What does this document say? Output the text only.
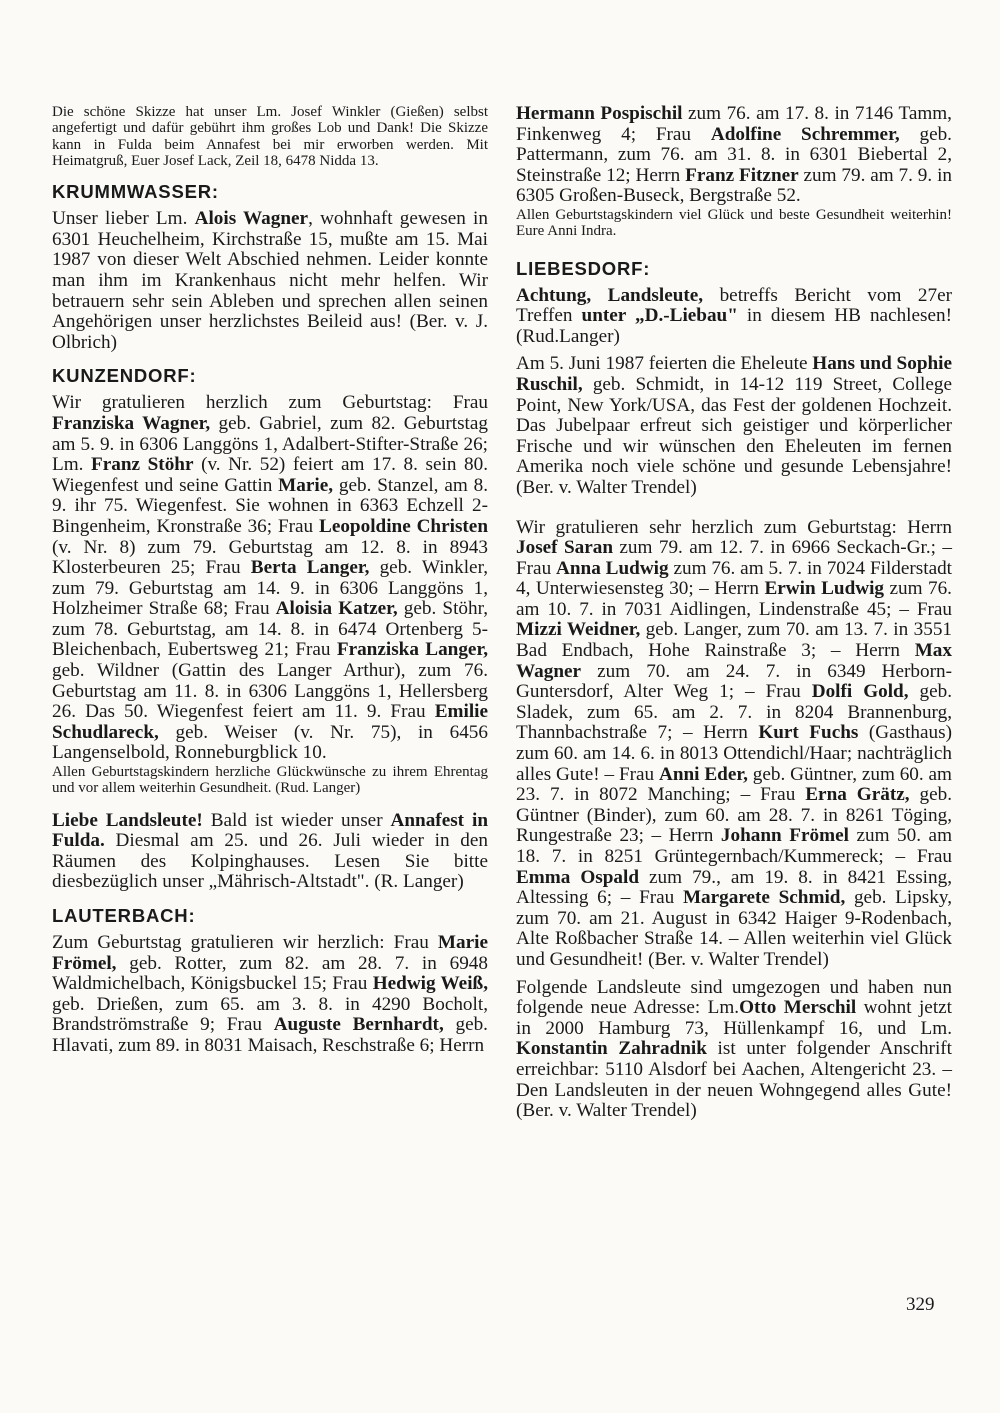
Die schöne Skizze hat unser Lm. Josef Winkler (Gießen) selbst angefertigt und dafür gebührt ihm großes Lob und Dank! Die Skizze kann in Fulda beim Annafest bei mir erworben werden. Mit Heimatgruß, Euer Josef Lack, Zeil 18, 6478 Nidda 13.

KRUMMWASSER:

Unser lieber Lm. Alois Wagner, wohnhaft gewesen in 6301 Heuchelheim, Kirchstraße 15, mußte am 15. Mai 1987 von dieser Welt Abschied nehmen. Leider konnte man ihm im Krankenhaus nicht mehr helfen. Wir betrauern sehr sein Ableben und sprechen allen seinen Angehörigen unser herzlichstes Beileid aus! (Ber. v. J. Olbrich)

KUNZENDORF:

Wir gratulieren herzlich zum Geburtstag: Frau Franziska Wagner, geb. Gabriel, zum 82. Geburtstag am 5. 9. in 6306 Langgöns 1, Adalbert-Stifter-Straße 26; Lm. Franz Stöhr (v. Nr. 52) feiert am 17. 8. sein 80. Wiegenfest und seine Gattin Marie, geb. Stanzel, am 8. 9. ihr 75. Wiegenfest. Sie wohnen in 6363 Echzell 2-Bingenheim, Kronstraße 36; Frau Leopoldine Christen (v. Nr. 8) zum 79. Geburtstag am 12. 8. in 8943 Klosterbeuren 25; Frau Berta Langer, geb. Winkler, zum 79. Geburtstag am 14. 9. in 6306 Langgöns 1, Holzheimer Straße 68; Frau Aloisia Katzer, geb. Stöhr, zum 78. Geburtstag, am 14. 8. in 6474 Ortenberg 5-Bleichenbach, Eubertsweg 21; Frau Franziska Langer, geb. Wildner (Gattin des Langer Arthur), zum 76. Geburtstag am 11. 8. in 6306 Langgöns 1, Hellersberg 26. Das 50. Wiegenfest feiert am 11. 9. Frau Emilie Schudlareck, geb. Weiser (v. Nr. 75), in 6456 Langenselbold, Ronneburgblick 10.

Allen Geburtstagskindern herzliche Glückwünsche zu ihrem Ehrentag und vor allem weiterhin Gesundheit. (Rud. Langer)

Liebe Landsleute! Bald ist wieder unser Annafest in Fulda. Diesmal am 25. und 26. Juli wieder in den Räumen des Kolpinghauses. Lesen Sie bitte diesbezüglich unser „Mährisch-Altstadt". (R. Langer)

LAUTERBACH:

Zum Geburtstag gratulieren wir herzlich: Frau Marie Frömel, geb. Rotter, zum 82. am 28. 7. in 6948 Waldmichelbach, Königsbuckel 15; Frau Hedwig Weiß, geb. Drießen, zum 65. am 3. 8. in 4290 Bocholt, Brandströmstraße 9; Frau Auguste Bernhardt, geb. Hlavati, zum 89. in 8031 Maisach, Reschstraße 6; Herrn

Hermann Pospischil zum 76. am 17. 8. in 7146 Tamm, Finkenweg 4; Frau Adolfine Schremmer, geb. Pattermann, zum 76. am 31. 8. in 6301 Biebertal 2, Steinstraße 12; Herrn Franz Fitzner zum 79. am 7. 9. in 6305 Großen-Buseck, Bergstraße 52.

Allen Geburtstagskindern viel Glück und beste Gesundheit weiterhin! Eure Anni Indra.

LIEBESDORF:

Achtung, Landsleute, betreffs Bericht vom 27er Treffen unter „D.-Liebau" in diesem HB nachlesen! (Rud.Langer)

Am 5. Juni 1987 feierten die Eheleute Hans und Sophie Ruschil, geb. Schmidt, in 14-12 119 Street, College Point, New York/USA, das Fest der goldenen Hochzeit. Das Jubelpaar erfreut sich geistiger und körperlicher Frische und wir wünschen den Eheleuten im fernen Amerika noch viele schöne und gesunde Lebensjahre! (Ber. v. Walter Trendel)

Wir gratulieren sehr herzlich zum Geburtstag: Herrn Josef Saran zum 79. am 12. 7. in 6966 Seckach-Gr.; – Frau Anna Ludwig zum 76. am 5. 7. in 7024 Filderstadt 4, Unterwiesensteg 30; – Herrn Erwin Ludwig zum 76. am 10. 7. in 7031 Aidlingen, Lindenstraße 45; – Frau Mizzi Weidner, geb. Langer, zum 70. am 13. 7. in 3551 Bad Endbach, Hohe Rainstraße 3; – Herrn Max Wagner zum 70. am 24. 7. in 6349 Herborn-Guntersdorf, Alter Weg 1; – Frau Dolfi Gold, geb. Sladek, zum 65. am 2. 7. in 8204 Brannenburg, Thannbachstraße 7; – Herrn Kurt Fuchs (Gasthaus) zum 60. am 14. 6. in 8013 Ottendichl/Haar; nachträglich alles Gute! – Frau Anni Eder, geb. Güntner, zum 60. am 23. 7. in 8072 Manching; – Frau Erna Grätz, geb. Güntner (Binder), zum 60. am 28. 7. in 8261 Töging, Rungestraße 23; – Herrn Johann Frömel zum 50. am 18. 7. in 8251 Grüntegernbach/Kummereck; – Frau Emma Ospald zum 79., am 19. 8. in 8421 Essing, Altessing 6; – Frau Margarete Schmid, geb. Lipsky, zum 70. am 21. August in 6342 Haiger 9-Rodenbach, Alte Roßbacher Straße 14. – Allen weiterhin viel Glück und Gesundheit! (Ber. v. Walter Trendel)

Folgende Landsleute sind umgezogen und haben nun folgende neue Adresse: Lm.Otto Merschil wohnt jetzt in 2000 Hamburg 73, Hüllenkampf 16, und Lm. Konstantin Zahradnik ist unter folgender Anschrift erreichbar: 5110 Alsdorf bei Aachen, Altengericht 23. – Den Landsleuten in der neuen Wohngegend alles Gute! (Ber. v. Walter Trendel)

329
